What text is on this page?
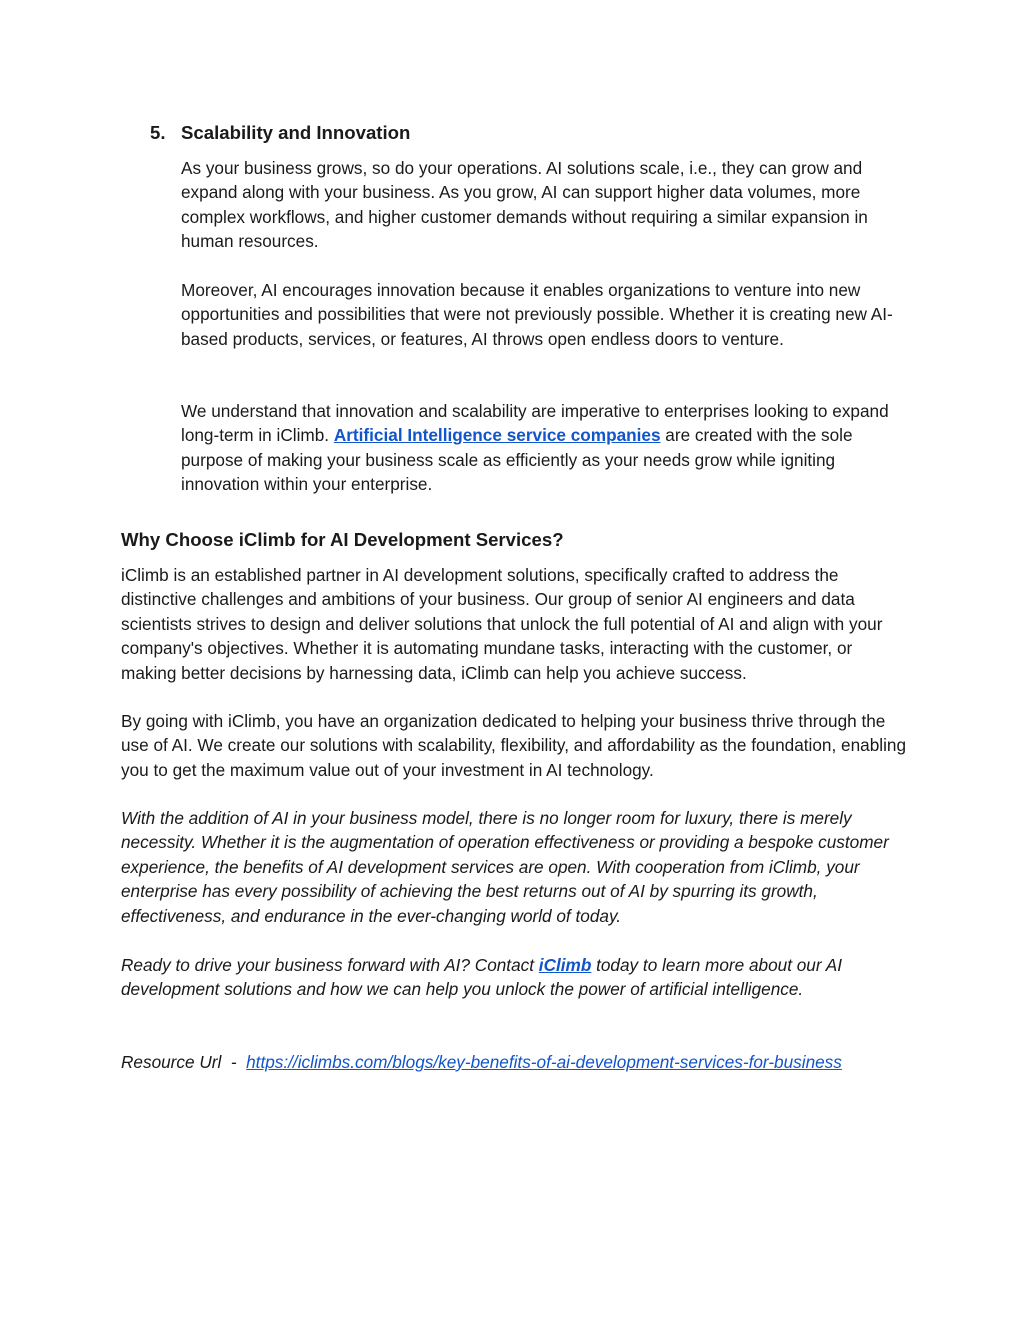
5. Scalability and Innovation

As your business grows, so do your operations. AI solutions scale, i.e., they can grow and expand along with your business. As you grow, AI can support higher data volumes, more complex workflows, and higher customer demands without requiring a similar expansion in human resources.

Moreover, AI encourages innovation because it enables organizations to venture into new opportunities and possibilities that were not previously possible. Whether it is creating new AI-based products, services, or features, AI throws open endless doors to venture.

We understand that innovation and scalability are imperative to enterprises looking to expand long-term in iClimb. Artificial Intelligence service companies are created with the sole purpose of making your business scale as efficiently as your needs grow while igniting innovation within your enterprise.

Why Choose iClimb for AI Development Services?

iClimb is an established partner in AI development solutions, specifically crafted to address the distinctive challenges and ambitions of your business. Our group of senior AI engineers and data scientists strives to design and deliver solutions that unlock the full potential of AI and align with your company's objectives. Whether it is automating mundane tasks, interacting with the customer, or making better decisions by harnessing data, iClimb can help you achieve success.

By going with iClimb, you have an organization dedicated to helping your business thrive through the use of AI. We create our solutions with scalability, flexibility, and affordability as the foundation, enabling you to get the maximum value out of your investment in AI technology.

With the addition of AI in your business model, there is no longer room for luxury, there is merely necessity. Whether it is the augmentation of operation effectiveness or providing a bespoke customer experience, the benefits of AI development services are open. With cooperation from iClimb, your enterprise has every possibility of achieving the best returns out of AI by spurring its growth, effectiveness, and endurance in the ever-changing world of today.

Ready to drive your business forward with AI? Contact iClimb today to learn more about our AI development solutions and how we can help you unlock the power of artificial intelligence.

Resource Url  -  https://iclimbs.com/blogs/key-benefits-of-ai-development-services-for-business
